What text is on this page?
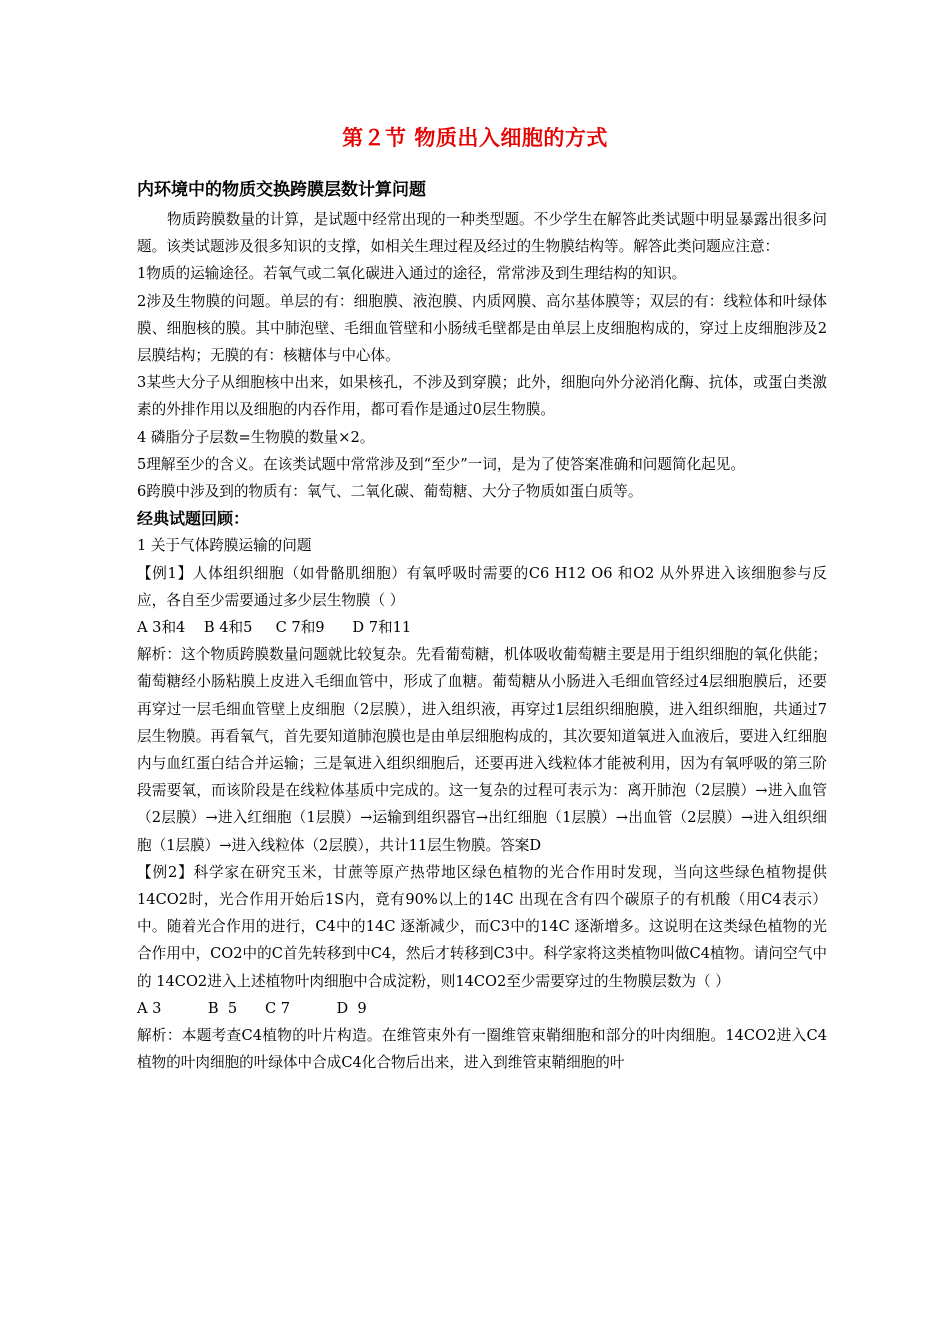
第２节 物质出入细胞的方式
内环境中的物质交换跨膜层数计算问题

物质跨膜数量的计算，是试题中经常出现的一种类型题。不少学生在解答此类试题中明显暴露出很多问题。该类试题涉及很多知识的支撑，如相关生理过程及经过的生物膜结构等。解答此类问题应注意：

1物质的运输途径。若氧气或二氧化碳进入通过的途径，常常涉及到生理结构的知识。

2涉及生物膜的问题。单层的有：细胞膜、液泡膜、内质网膜、高尔基体膜等；双层的有：线粒体和叶绿体膜、细胞核的膜。其中肺泡壁、毛细血管壁和小肠绒毛壁都是由单层上皮细胞构成的，穿过上皮细胞涉及2层膜结构；无膜的有：核糖体与中心体。

3某些大分子从细胞核中出来，如果核孔，不涉及到穿膜；此外，细胞向外分泌消化酶、抗体，或蛋白类激素的外排作用以及细胞的内吞作用，都可看作是通过0层生物膜。

4 磷脂分子层数=生物膜的数量×2。

5理解至少的含义。在该类试题中常常涉及到“至少”一词，是为了使答案准确和问题简化起见。

6跨膜中涉及到的物质有：氧气、二氧化碳、葡萄糖、大分子物质如蛋白质等。

经典试题回顾：

1 关于气体跨膜运输的问题

【例1】人体组织细胞（如骨骼肌细胞）有氧呼吸时需要的C6 H12 O6 和O2 从外界进入该细胞参与反应，各自至少需要通过多少层生物膜（ ）

A 3和4    B 4和5     C 7和9      D 7和11

解析：这个物质跨膜数量问题就比较复杂。先看葡萄糖，机体吸收葡萄糖主要是用于组织细胞的氧化供能；葡萄糖经小肠粘膜上皮进入毛细血管中，形成了血糖。葡萄糖从小肠进入毛细血管经过4层细胞膜后，还要再穿过一层毛细血管壁上皮细胞（2层膜），进入组织液，再穿过1层组织细胞膜，进入组织细胞，共通过7层生物膜。再看氧气，首先要知道肺泡膜也是由单层细胞构成的，其次要知道氧进入血液后，要进入红细胞内与血红蛋白结合并运输；三是氧进入组织细胞后，还要再进入线粒体才能被利用，因为有氧呼吸的第三阶段需要氧，而该阶段是在线粒体基质中完成的。这一复杂的过程可表示为：离开肺泡（2层膜）→进入血管（2层膜）→进入红细胞（1层膜）→运输到组织器官→出红细胞（1层膜）→出血管（2层膜）→进入组织细胞（1层膜）→进入线粒体（2层膜），共计11层生物膜。答案D

【例2】科学家在研究玉米，甘蔗等原产热带地区绿色植物的光合作用时发现，当向这些绿色植物提供14CO2时，光合作用开始后1S内，竟有90%以上的14C 出现在含有四个碳原子的有机酸（用C4表示）中。随着光合作用的进行，C4中的14C 逐渐减少，而C3中的14C 逐渐增多。这说明在这类绿色植物的光合作用中，CO2中的C首先转移到中C4，然后才转移到C3中。科学家将这类植物叫做C4植物。请问空气中的 14CO2进入上述植物叶肉细胞中合成淀粉，则14CO2至少需要穿过的生物膜层数为（ ）

A 3          B  5      C 7          D  9

解析：本题考查C4植物的叶片构造。在维管束外有一圈维管束鞘细胞和部分的叶肉细胞。14CO2进入C4植物的叶肉细胞的叶绿体中合成C4化合物后出来，进入到维管束鞘细胞的叶
